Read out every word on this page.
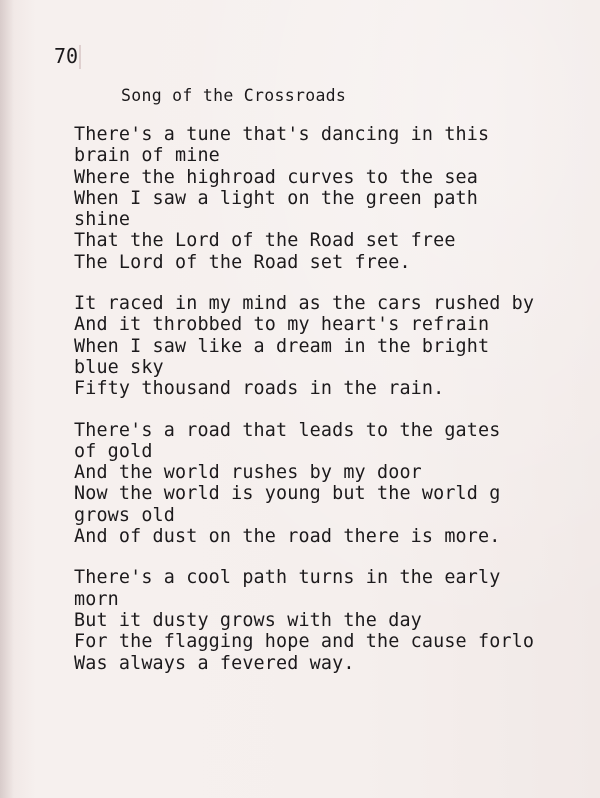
70
Song of the Crossroads
There's a tune that's dancing in this
brain of mine
Where the highroad curves to the sea
When I saw a light on the green path
shine
That the Lord of the Road set free
The Lord of the Road set free.
It raced in my mind as the cars rushed by
And it throbbed to my heart's refrain
When I saw like a dream in the bright
blue sky
Fifty thousand roads in the rain.
There's a road that leads to the gates
of gold
And the world rushes by my door
Now the world is young but the world g
grows old
And of dust on the road there is more.
There's a cool path turns in the early
morn
But it dusty grows with the day
For the flagging hope and the cause forlo
Was always a fevered way.
